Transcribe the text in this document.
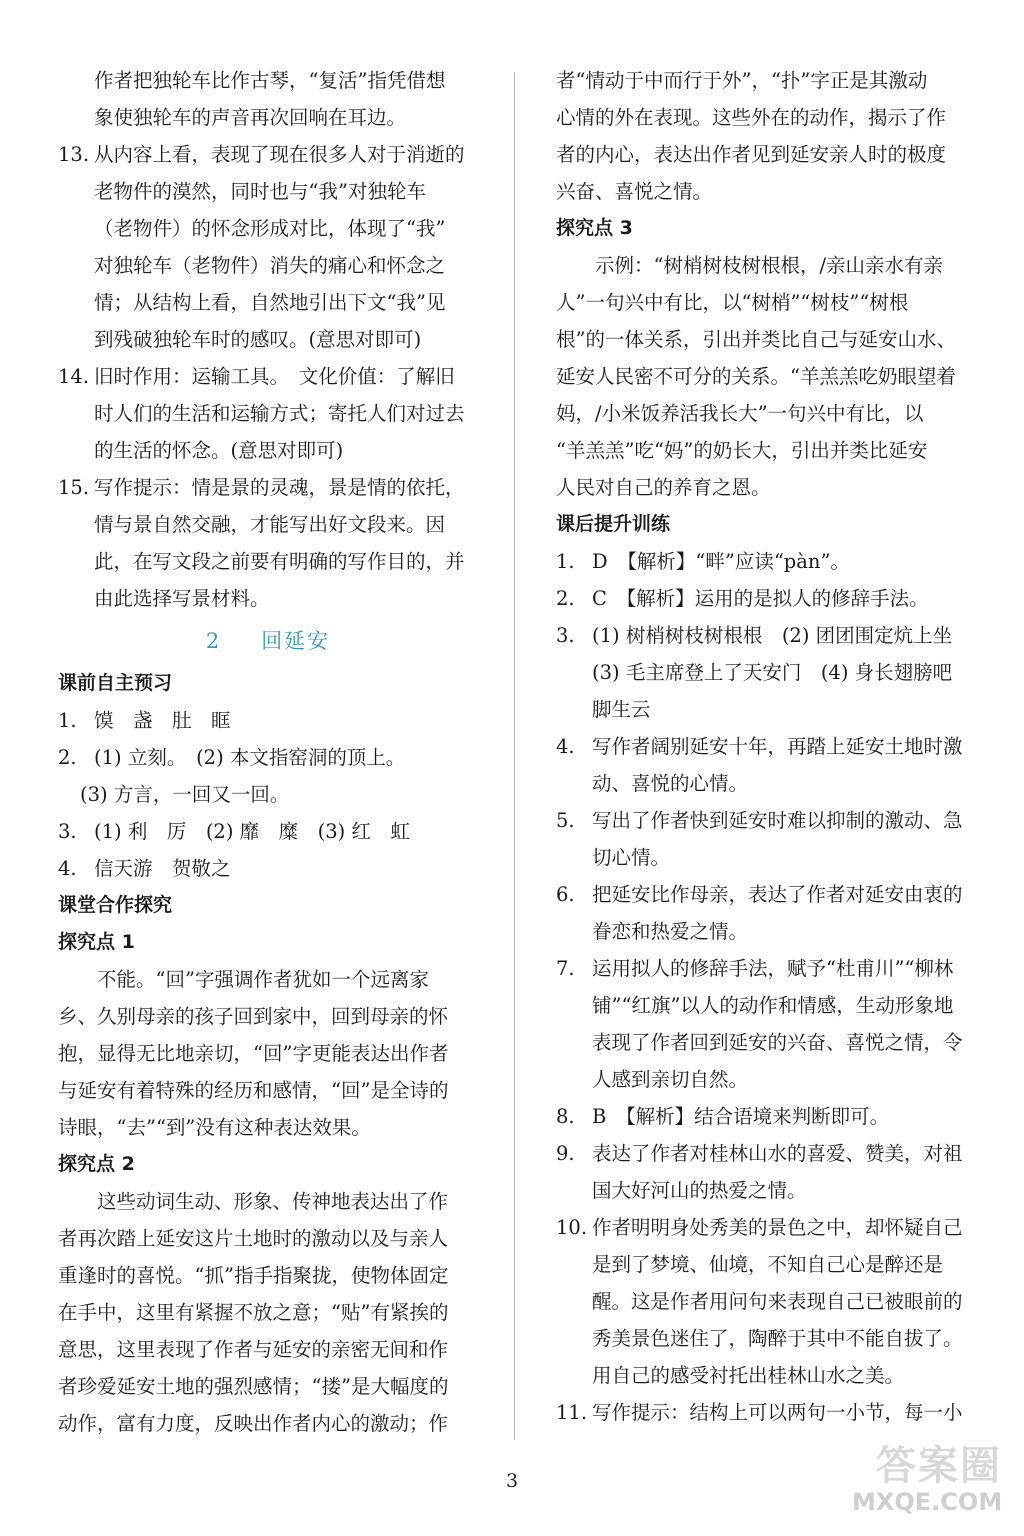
作者把独轮车比作古琴，“复活”指凭借想
象使独轮车的声音再次回响在耳边。
13. 从内容上看，表现了现在很多人对于消逝的
老物件的漠然，同时也与“我”对独轮车
（老物件）的怀念形成对比，体现了“我”
对独轮车（老物件）消失的痛心和怀念之
情；从结构上看，自然地引出下文“我”见
到残破独轮车时的感叹。(意思对即可)
14. 旧时作用：运输工具。　文化价值：了解旧
时人们的生活和运输方式；寄托人们对过去
的生活的怀念。(意思对即可)
15. 写作提示：情是景的灵魂，景是情的依托，
情与景自然交融，才能写出好文段来。因
此，在写文段之前要有明确的写作目的，并
由此选择写景材料。
2 回延安
课前自主预习
1. 馍　盏　肚　眶
2. (1) 立刻。　(2) 本文指窑洞的顶上。
(3) 方言，一回又一回。
3. (1) 利　厉　(2) 靡　糜　(3) 红　虹
4. 信天游　贺敬之
课堂合作探究
探究点 1
不能。“回”字强调作者犹如一个远离家
乡、久别母亲的孩子回到家中，回到母亲的怀
抱，显得无比地亲切，“回”字更能表达出作者
与延安有着特殊的经历和感情，“回”是全诗的
诗眼，“去”“到”没有这种表达效果。
探究点 2
这些动词生动、形象、传神地表达出了作
者再次踏上延安这片土地时的激动以及与亲人
重逢时的喜悦。“抓”指手指聚拢，使物体固定
在手中，这里有紧握不放之意；“贴”有紧挨的
意思，这里表现了作者与延安的亲密无间和作
者珍爱延安土地的强烈感情；“搂”是大幅度的
动作，富有力度，反映出作者内心的激动；作
者“情动于中而行于外”，“扑”字正是其激动
心情的外在表现。这些外在的动作，揭示了作
者的内心，表达出作者见到延安亲人时的极度
兴奋、喜悦之情。
探究点 3
示例：“树梢树枝树根根，/亲山亲水有亲
人”一句兴中有比，以“树梢”“树枝”“树根
根”的一体关系，引出并类比自己与延安山水、
延安人民密不可分的关系。“羊羔羔吃奶眼望着
妈，/小米饭养活我长大”一句兴中有比，以
“羊羔羔”吃“妈”的奶长大，引出并类比延安
人民对自己的养育之恩。
课后提升训练
1. D　【解析】“畔”应读“pàn”。
2. C　【解析】运用的是拟人的修辞手法。
3. (1) 树梢树枝树根根　(2) 团团围定炕上坐
(3) 毛主席登上了天安门　(4) 身长翅膀吧
脚生云
4. 写作者阔别延安十年，再踏上延安土地时激
动、喜悦的心情。
5. 写出了作者快到延安时难以抑制的激动、急
切心情。
6. 把延安比作母亲，表达了作者对延安由衷的
眷恋和热爱之情。
7. 运用拟人的修辞手法，赋予“杜甫川”“柳林
铺”“红旗”以人的动作和情感，生动形象地
表现了作者回到延安的兴奋、喜悦之情，令
人感到亲切自然。
8. B　【解析】结合语境来判断即可。
9. 表达了作者对桂林山水的喜爱、赞美，对祖
国大好河山的热爱之情。
10. 作者明明身处秀美的景色之中，却怀疑自己
是到了梦境、仙境，不知自己心是醉还是
醒。这是作者用问句来表现自己已被眼前的
秀美景色迷住了，陶醉于其中不能自拔了。
用自己的感受衬托出桂林山水之美。
11. 写作提示：结构上可以两句一小节，每一小
3	答案圈
MXQE.COM
